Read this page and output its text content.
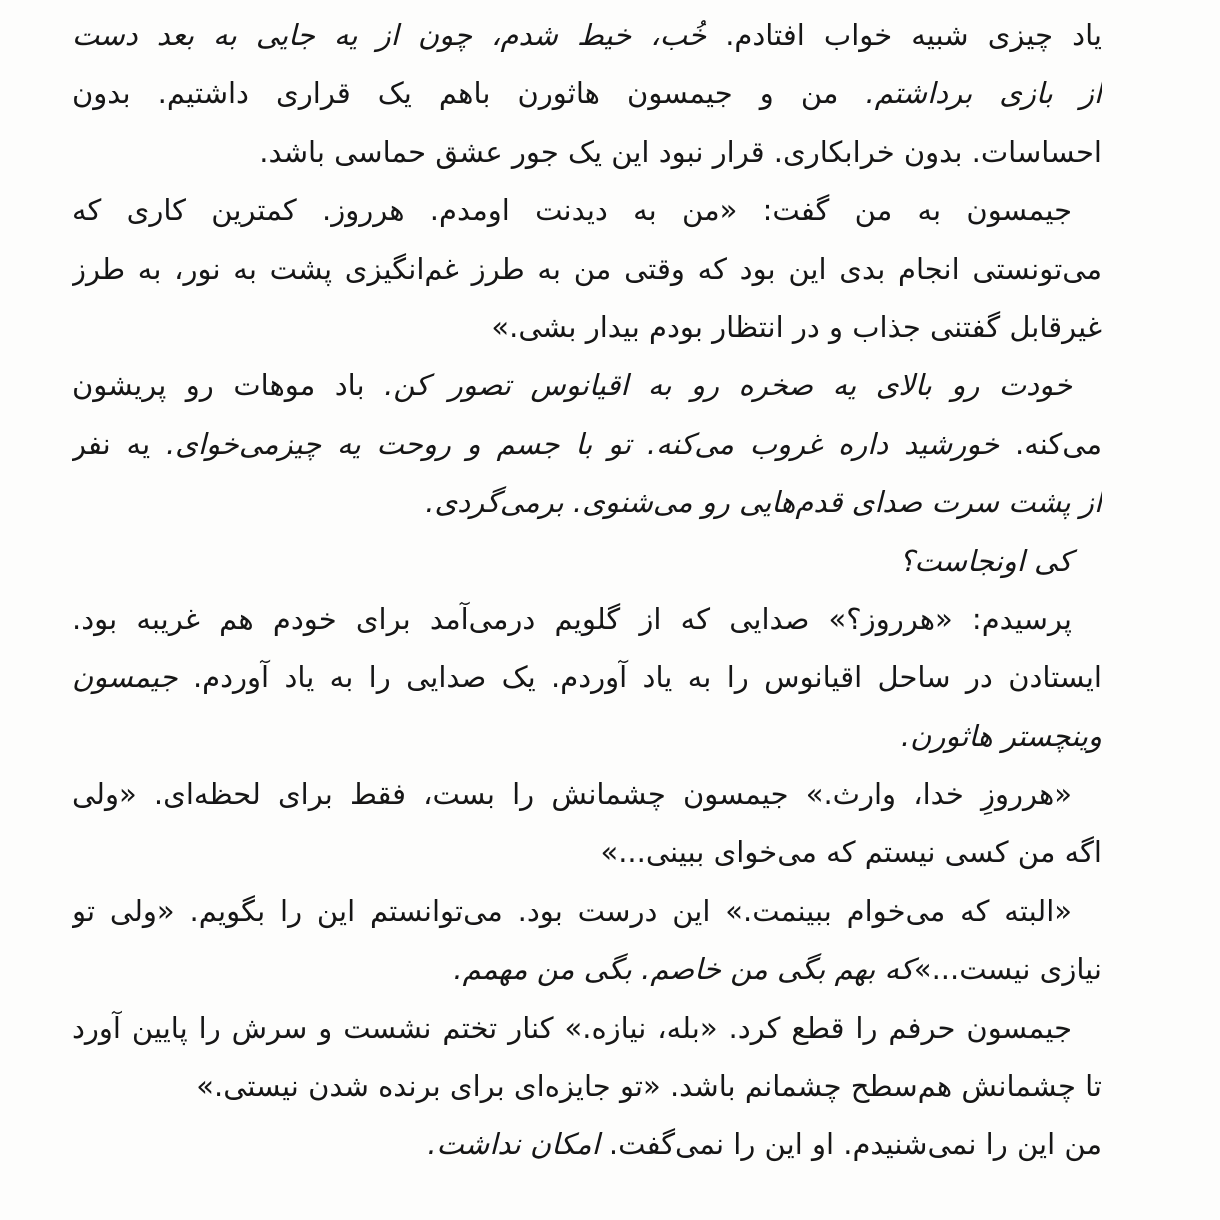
یاد چیزی شبیه خواب افتادم. خُب، خیط شدم، چون از یه جایی به بعد دست
از بازی برداشتم. من و جیمسون هاثورن باهم یک قراری داشتیم. بدون
احساسات. بدون خرابکاری. قرار نبود این یک جور عشق حماسی باشد.
جیمسون به من گفت: «من به دیدنت اومدم. هرروز. کمترین کاری که
می‌تونستی انجام بدی این بود که وقتی من به طرز غم‌انگیزی پشت به نور، به طرز
غیرقابل گفتنی جذاب و در انتظار بودم بیدار بشی.»
خودت رو بالای یه صخره رو به اقیانوس تصور کن. باد موهات رو پریشون
می‌کنه. خورشید داره غروب می‌کنه. تو با جسم و روحت یه چیزمی‌خوای. یه نفر
از پشت سرت صدای قدم‌هایی رو می‌شنوی. برمی‌گردی.
کی اونجاست؟
پرسیدم: «هرروز؟» صدایی که از گلویم درمی‌آمد برای خودم هم غریبه بود.
ایستادن در ساحل اقیانوس را به یاد آوردم. یک صدایی را به یاد آوردم. جیمسون
وینچستر هاثورن.
«هرروزِ خدا، وارث.» جیمسون چشمانش را بست، فقط برای لحظه‌ای. «ولی
اگه من کسی نیستم که می‌خوای ببینی...»
«البته که می‌خوام ببینمت.» این درست بود. می‌توانستم این را بگویم. «ولی تو
نیازی نیست...»که بهم بگی من خاصم. بگی من مهمم.
جیمسون حرفم را قطع کرد. «بله، نیازه.» کنار تختم نشست و سرش را پایین آورد
تا چشمانش هم‌سطح چشمانم باشد. «تو جایزه‌ای برای برنده شدن نیستی.»
من این را نمی‌شنیدم. او این را نمی‌گفت. امکان نداشت.
